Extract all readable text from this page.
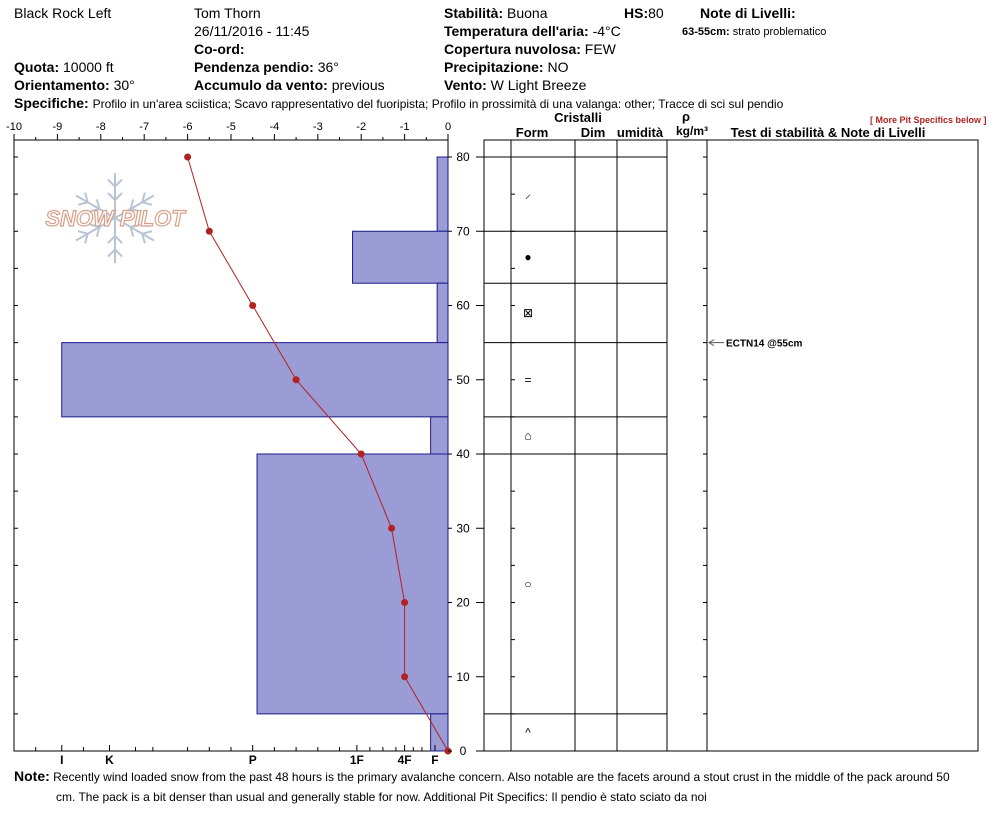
Black Rock Left	Tom Thorn
26/11/2016 - 11:45
Co-ord:
Quota: 10000 ft
Orientamento: 30°
Pendenza pendio: 36°
Accumulo da vento: previous
Stabilità: Buona	HS:80
Temperatura dell'aria: -4°C
Copertura nuvolosa: FEW
Precipitazione: NO
Vento: W Light Breeze
Note di Livelli:
63-55cm: strato problematico
Specifiche: Profilo in un'area sciistica; Scavo rappresentativo del fuoripista; Profilo in prossimità di una valanga: other; Tracce di sci sul pendio
[ More Pit Specifics below ]
SNOW PILOT
-10	-9	-8	-7	-6	-5	-4	-3	-2	-1	0
I	K	P	1F	4F F
80
70
60
50
40
30
20
10
0
Cristalli
Form Dim umidità
ρ
kg/m³ Test di stabilità & Note di Livelli
⸝
●
⊠
=
⌂
○
^
ECTN14 @55cm
Note: Recently wind loaded snow from the past 48 hours is the primary avalanche concern. Also notable are the facets around a stout crust in the middle of the pack around 50
cm. The pack is a bit denser than usual and generally stable for now. Additional Pit Specifics: Il pendio è stato sciato da noi
